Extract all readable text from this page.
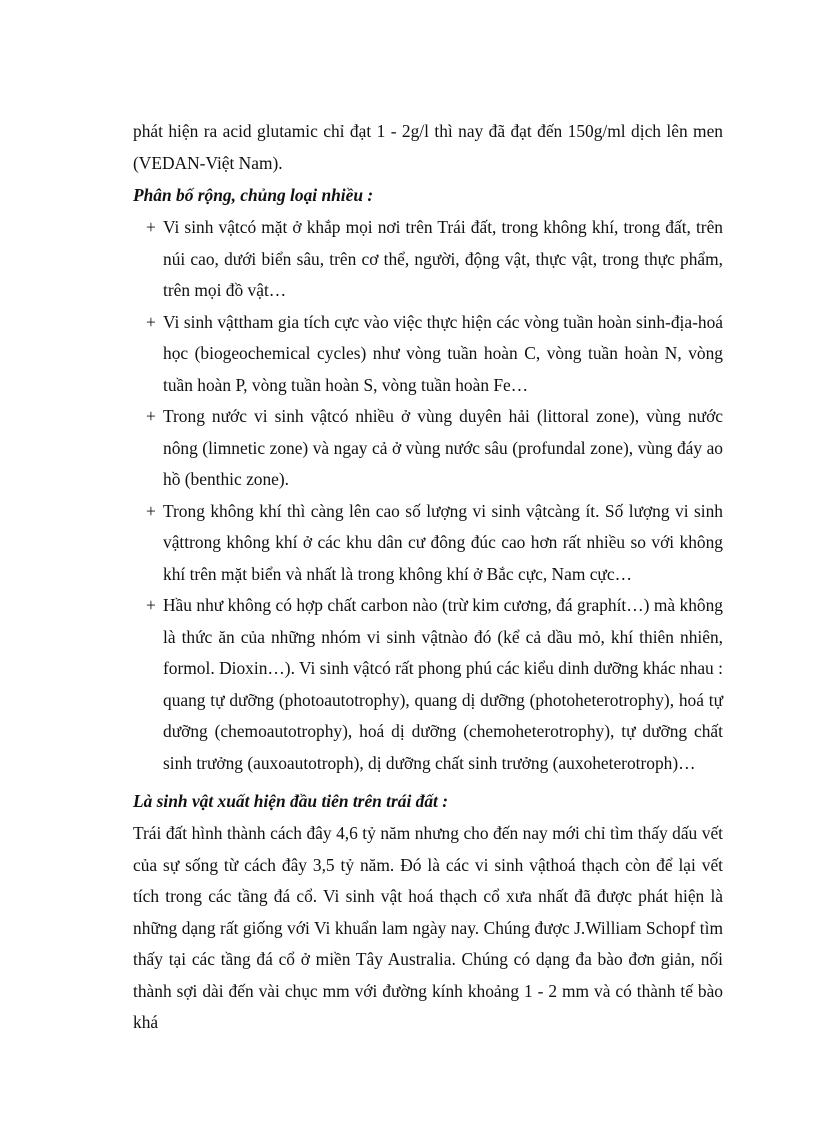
phát hiện ra acid glutamic chỉ đạt 1 - 2g/l thì nay đã đạt đến 150g/ml dịch lên men (VEDAN-Việt Nam).
Phân bố rộng, chủng loại nhiều :
+ Vi sinh vậtcó mặt ở khắp mọi nơi trên Trái đất, trong không khí, trong đất, trên núi cao, dưới biển sâu, trên cơ thể, người, động vật, thực vật, trong thực phẩm, trên mọi đồ vật…
+ Vi sinh vậttham gia tích cực vào việc thực hiện các vòng tuần hoàn sinh-địa-hoá học (biogeochemical cycles) như vòng tuần hoàn C, vòng tuần hoàn N, vòng tuần hoàn P, vòng tuần hoàn S, vòng tuần hoàn Fe…
+ Trong nước vi sinh vậtcó nhiều ở vùng duyên hải (littoral zone), vùng nước nông (limnetic zone) và ngay cả ở vùng nước sâu (profundal zone), vùng đáy ao hồ (benthic zone).
+ Trong không khí thì càng lên cao số lượng vi sinh vậtcàng ít. Số lượng vi sinh vậttrong không khí ở các khu dân cư đông đúc cao hơn rất nhiều so với không khí trên mặt biển và nhất là trong không khí ở Bắc cực, Nam cực…
+ Hầu như không có hợp chất carbon nào (trừ kim cương, đá graphít…) mà không là thức ăn của những nhóm vi sinh vậtnào đó (kể cả dầu mỏ, khí thiên nhiên, formol. Dioxin…). Vi sinh vậtcó rất phong phú các kiểu dinh dưỡng khác nhau : quang tự dưỡng (photoautotrophy), quang dị dưỡng (photoheterotrophy), hoá tự dưỡng (chemoautotrophy), hoá dị dưỡng (chemoheterotrophy), tự dưỡng chất sinh trưởng (auxoautotroph), dị dưỡng chất sinh trưởng (auxoheterotroph)…
Là sinh vật xuất hiện đầu tiên trên trái đất :
Trái đất hình thành cách đây 4,6 tỷ năm nhưng cho đến nay mới chỉ tìm thấy dấu vết của sự sống từ cách đây 3,5 tỷ năm. Đó là các vi sinh vậthoá thạch còn để lại vết tích trong các tầng đá cổ. Vi sinh vật hoá thạch cổ xưa nhất đã được phát hiện là những dạng rất giống với Vi khuẩn lam ngày nay. Chúng được J.William Schopf tìm thấy tại các tầng đá cổ ở miền Tây Australia. Chúng có dạng đa bào đơn giản, nối thành sợi dài đến vài chục mm với đường kính khoảng 1 - 2 mm và có thành tế bào khá
